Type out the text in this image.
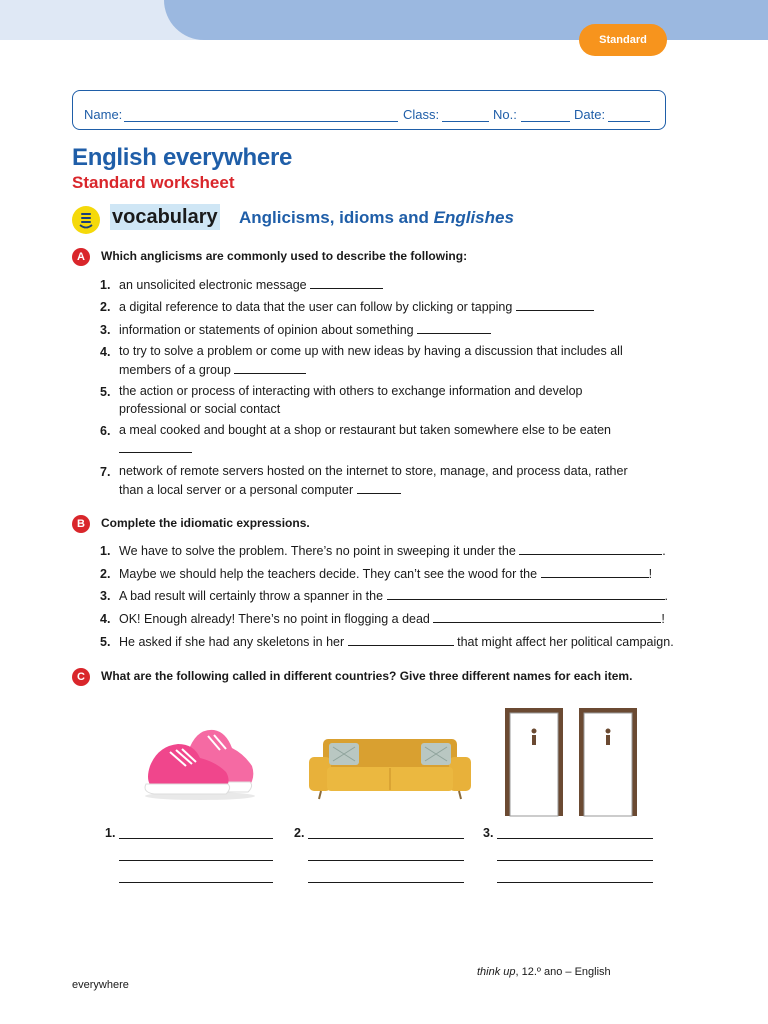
Standard
Name:	Class:	No.:	Date:
English everywhere
Standard worksheet
vocabulary Anglicisms, idioms and Englishes
A	Which anglicisms are commonly used to describe the following:
1. an unsolicited electronic message
2. a digital reference to data that the user can follow by clicking or tapping
3. information or statements of opinion about something
4. to try to solve a problem or come up with new ideas by having a discussion that includes all
members of a group
5. the action or process of interacting with others to exchange information and develop
professional or social contact
6. a meal cooked and bought at a shop or restaurant but taken somewhere else to be eaten

7. network of remote servers hosted on the internet to store, manage, and process data, rather
than a local server or a personal computer
B	Complete the idiomatic expressions.
1. We have to solve the problem. There’s no point in sweeping it under the	.
2. Maybe we should help the teachers decide. They can’t see the wood for the	!
3. A bad result will certainly throw a spanner in the	.
4. OK! Enough already! There’s no point in flogging a dead	!
5. He asked if she had any skeletons in her	that might affect her political campaign.
C	What are the following called in different countries? Give three different names for each item.
1.	2.	3.
everywhere
think up, 12.º ano – English
